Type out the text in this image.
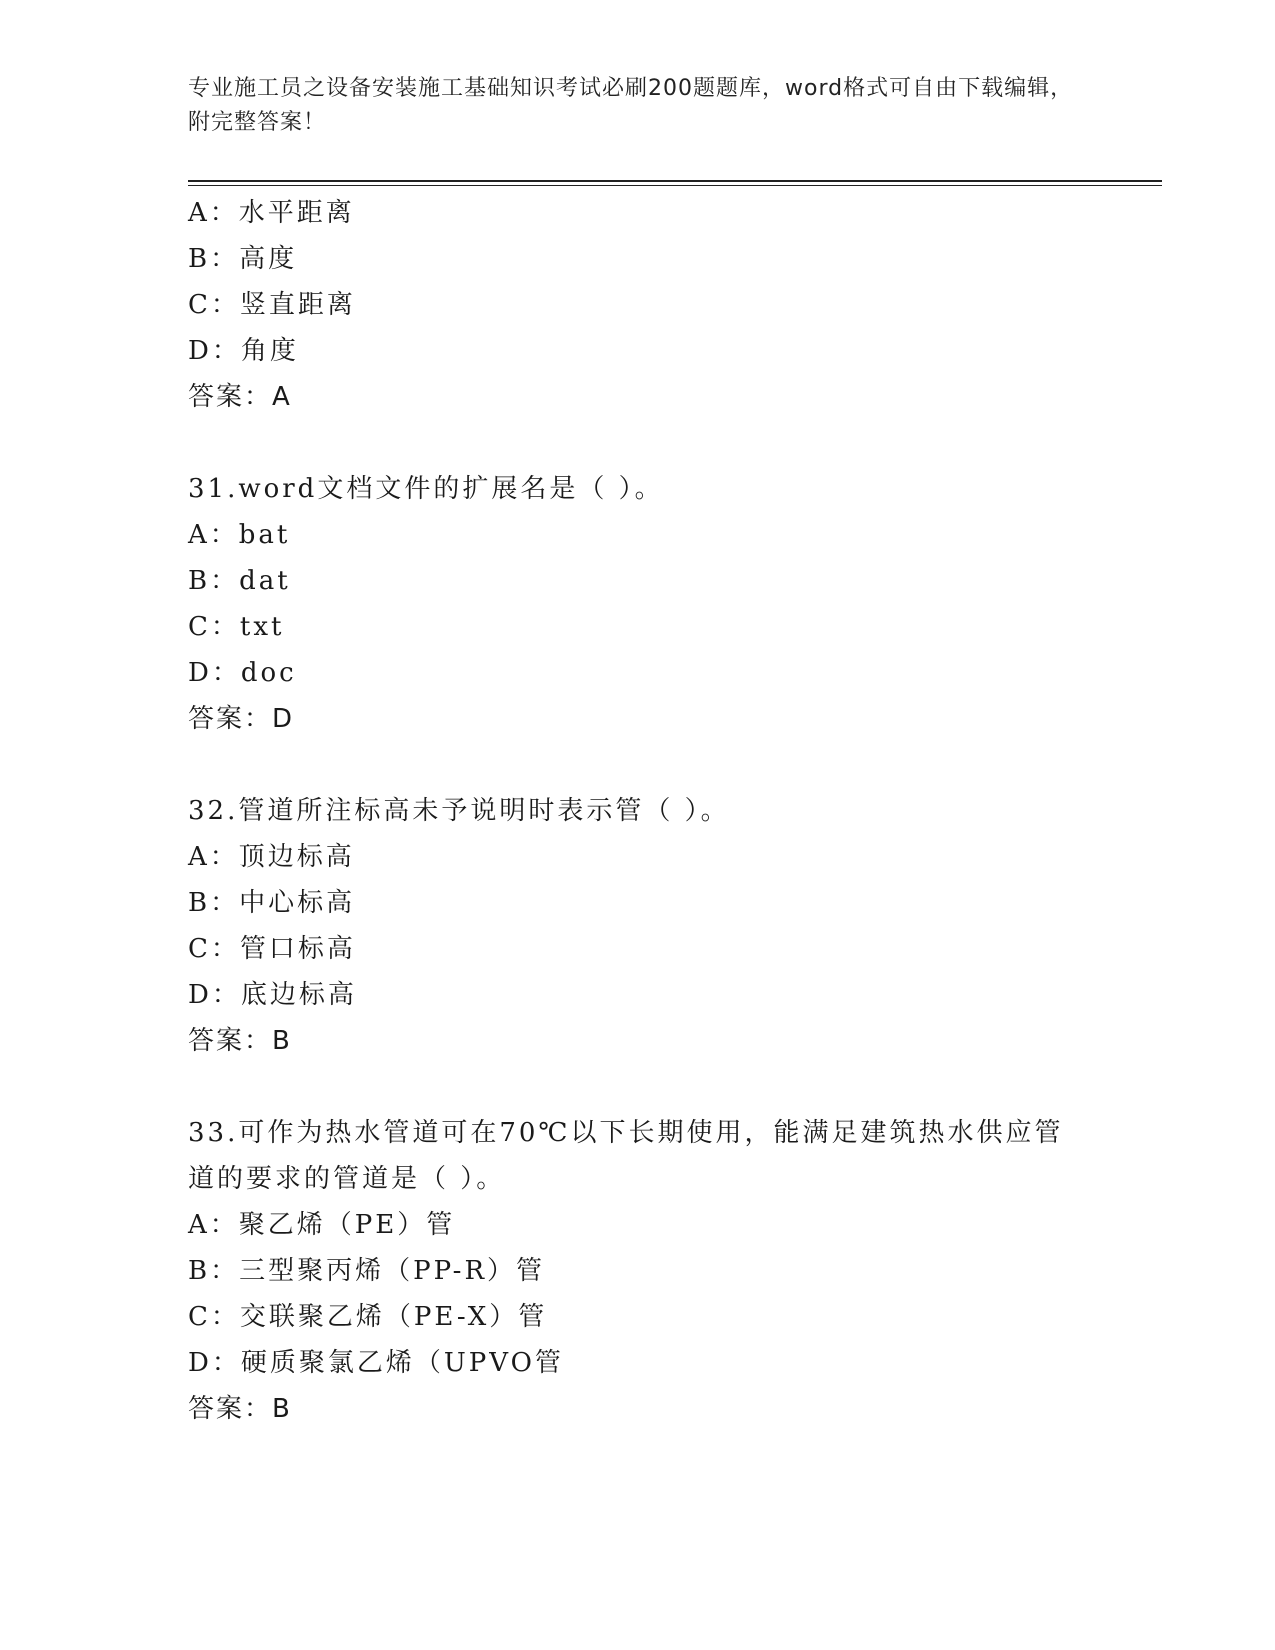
专业施工员之设备安装施工基础知识考试必刷200题题库，word格式可自由下载编辑，附完整答案！
A：水平距离
B：高度
C：竖直距离
D：角度
答案：A
31.word文档文件的扩展名是（ ）。
A：bat
B：dat
C：txt
D：doc
答案：D
32.管道所注标高未予说明时表示管（ ）。
A：顶边标高
B：中心标高
C：管口标高
D：底边标高
答案：B
33.可作为热水管道可在70℃以下长期使用，能满足建筑热水供应管道的要求的管道是（ ）。
A：聚乙烯（PE）管
B：三型聚丙烯（PP-R）管
C：交联聚乙烯（PE-X）管
D：硬质聚氯乙烯（UPVO管
答案：B
